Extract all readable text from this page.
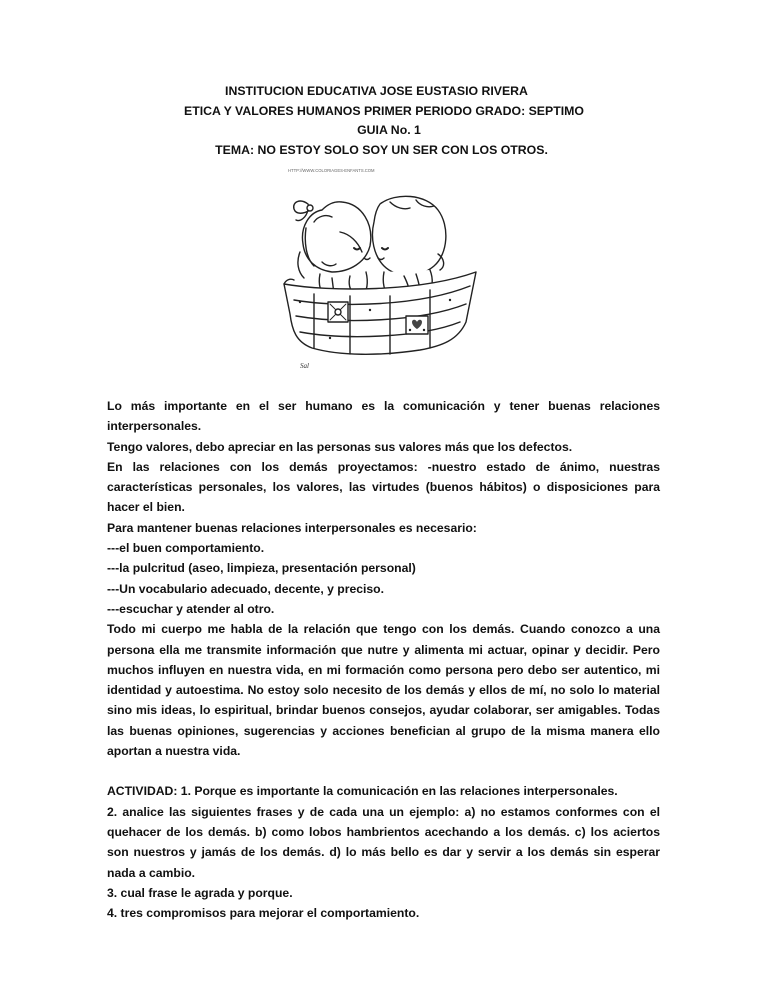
INSTITUCION EDUCATIVA JOSE EUSTASIO RIVERA
ETICA Y VALORES HUMANOS PRIMER PERIODO GRADO: SEPTIMO
GUIA No. 1
TEMA: NO ESTOY SOLO SOY UN SER CON LOS OTROS.
HTTP://WWW.COLORIAGES-ENFANTS.COM
Sal

Lo más importante en el ser humano es la comunicación y tener buenas relaciones interpersonales.

Tengo valores, debo apreciar en las personas sus valores más que los defectos.

En las relaciones con los demás proyectamos: -nuestro estado de ánimo, nuestras características personales, los valores, las virtudes (buenos hábitos) o disposiciones para hacer el bien.

Para mantener buenas relaciones interpersonales es necesario:

---el buen comportamiento.

---la pulcritud (aseo, limpieza, presentación personal)

---Un vocabulario adecuado, decente, y preciso.

---escuchar y atender al otro.

Todo mi cuerpo me habla de la relación que tengo con los demás. Cuando conozco a una persona ella me transmite información que nutre y alimenta mi actuar, opinar y decidir. Pero muchos influyen en nuestra vida, en mi formación como persona pero debo ser autentico, mi identidad y autoestima. No estoy solo necesito de los demás y ellos de mí, no solo lo material sino mis ideas, lo espiritual, brindar buenos consejos, ayudar colaborar, ser amigables. Todas las buenas opiniones, sugerencias y acciones benefician al grupo de la misma manera ello aportan a nuestra vida.

ACTIVIDAD: 1. Porque es importante la comunicación en las relaciones interpersonales.

2. analice las siguientes frases y de cada una un ejemplo: a) no estamos conformes con el quehacer de los demás. b) como lobos hambrientos acechando a los demás. c) los aciertos son nuestros y jamás de los demás. d) lo más bello es dar y servir a los demás sin esperar nada a cambio.

3. cual frase le agrada y porque.

4. tres compromisos para mejorar el comportamiento.
